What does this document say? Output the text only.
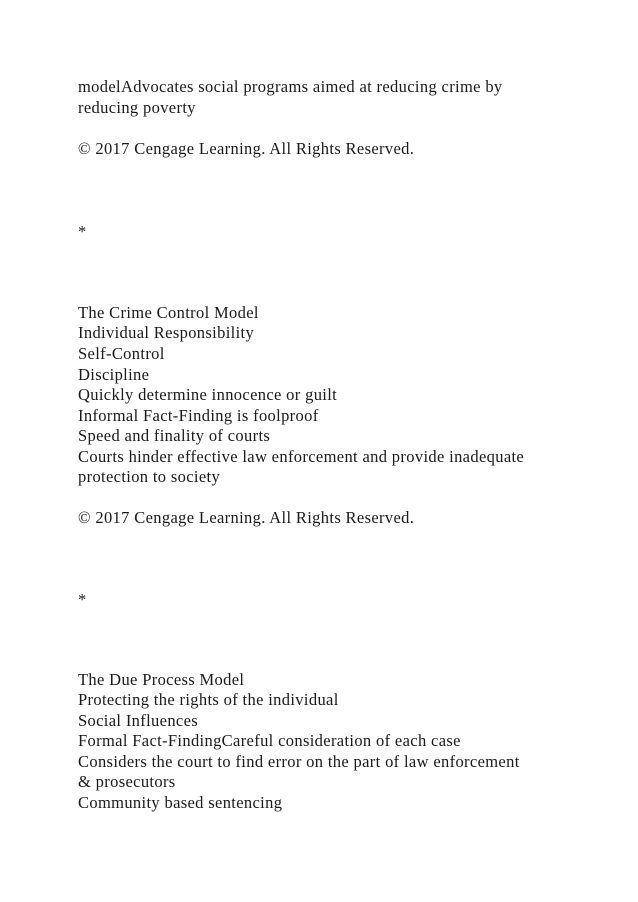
modelAdvocates social programs aimed at reducing crime by
reducing poverty
© 2017 Cengage Learning. All Rights Reserved.
*
The Crime Control Model
Individual Responsibility
Self-Control
Discipline
Quickly determine innocence or guilt
Informal Fact-Finding is foolproof
Speed and finality of courts
Courts hinder effective law enforcement and provide inadequate
protection to society
© 2017 Cengage Learning. All Rights Reserved.
*
The Due Process Model
Protecting the rights of the individual
Social Influences
Formal Fact-FindingCareful consideration of each case
Considers the court to find error on the part of law enforcement
& prosecutors
Community based sentencing
